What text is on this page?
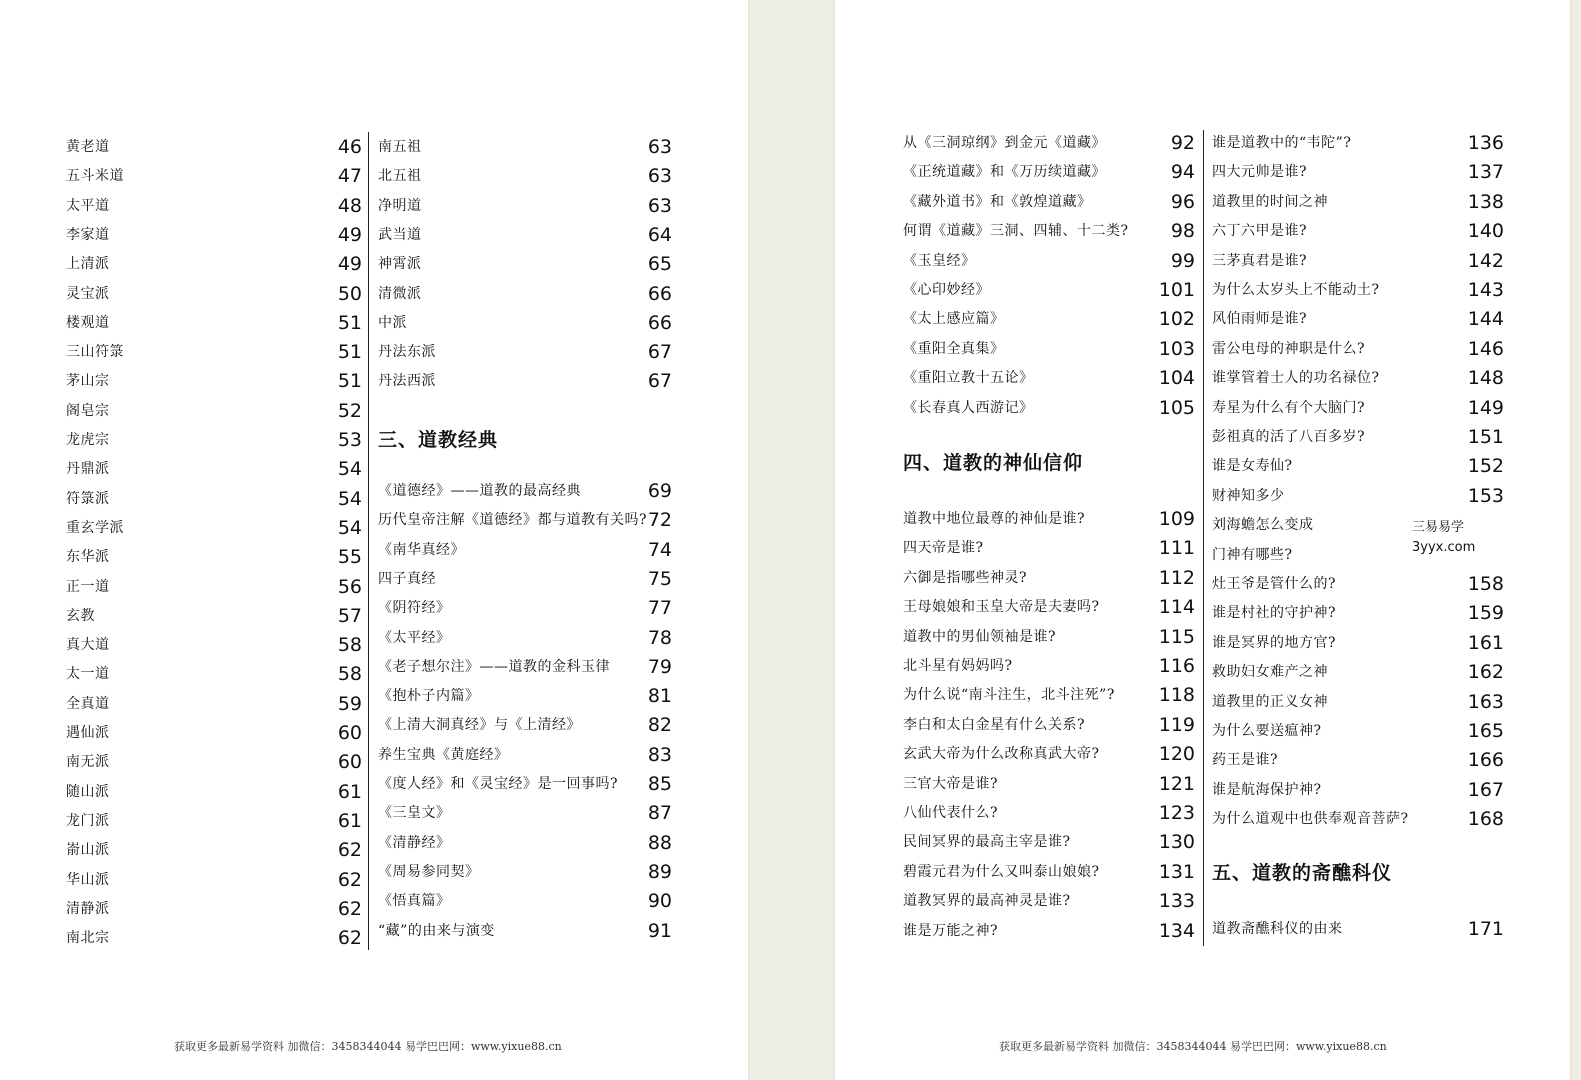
黄老道	46
五斗米道	47
太平道	48
李家道	49
上清派	49
灵宝派	50
楼观道	51
三山符箓	51
茅山宗	51
阁皂宗	52
龙虎宗	53
丹鼎派	54
符箓派	54
重玄学派	54
东华派	55
正一道	56
玄教	57
真大道	58
太一道	58
全真道	59
遇仙派	60
南无派	60
随山派	61
龙门派	61
嵛山派	62
华山派	62
清静派	62
南北宗	62
三、道教经典
南五祖	63
北五祖	63
净明道	63
武当道	64
神霄派	65
清微派	66
中派	66
丹法东派	67
丹法西派	67
《道德经》——道教的最高经典	69
历代皇帝注解《道德经》都与道教有关吗? 72
《南华真经》	74
四子真经	75
《阴符经》	77
《太平经》	78
《老子想尔注》——道教的金科玉律 79
《抱朴子内篇》	81
《上清大洞真经》与《上清经》	82
养生宝典《黄庭经》	83
《度人经》和《灵宝经》是一回事吗? 85
《三皇文》	87
《清静经》	88
《周易参同契》	89
《悟真篇》	90
“藏”的由来与演变	91
获取更多最新易学资料 加微信：3458344044 易学巴巴网：www.yixue88.cn
四、道教的神仙信仰
从《三洞琼纲》到金元《道藏》	92
《正统道藏》和《万历续道藏》	94
《藏外道书》和《敦煌道藏》	96
何谓《道藏》三洞、四辅、十二类? 98
《玉皇经》	99
《心印妙经》	101
《太上感应篇》	102
《重阳全真集》	103
《重阳立教十五论》	104
《长春真人西游记》	105
道教中地位最尊的神仙是谁?	109
四天帝是谁?	111
六御是指哪些神灵?	112
王母娘娘和玉皇大帝是夫妻吗?	114
道教中的男仙领袖是谁?	115
北斗星有妈妈吗?	116
为什么说“南斗注生，北斗注死”? 118
李白和太白金星有什么关系?	119
玄武大帝为什么改称真武大帝?	120
三官大帝是谁?	121
八仙代表什么?	123
民间冥界的最高主宰是谁?	130
碧霞元君为什么又叫泰山娘娘?	131
道教冥界的最高神灵是谁?	133
谁是万能之神?	134
五、道教的斋醮科仪
谁是道教中的“韦陀”?	136
四大元帅是谁?	137
道教里的时间之神	138
六丁六甲是谁?	140
三茅真君是谁?	142
为什么太岁头上不能动土?	143
风伯雨师是谁?	144
雷公电母的神职是什么?	146
谁掌管着士人的功名禄位?	148
寿星为什么有个大脑门?	149
彭祖真的活了八百多岁?	151
谁是女寿仙?	152
财神知多少	153
刘海蟾怎么变成
门神有哪些?
灶王爷是管什么的?	158
谁是村社的守护神?	159
谁是冥界的地方官?	161
救助妇女难产之神	162
道教里的正义女神	163
为什么要送瘟神?	165
药王是谁?	166
谁是航海保护神?	167
为什么道观中也供奉观音菩萨?	168
道教斋醮科仪的由来	171
获取更多最新易学资料 加微信：3458344044 易学巴巴网：www.yixue88.cn
三易易学
3yyx.com
